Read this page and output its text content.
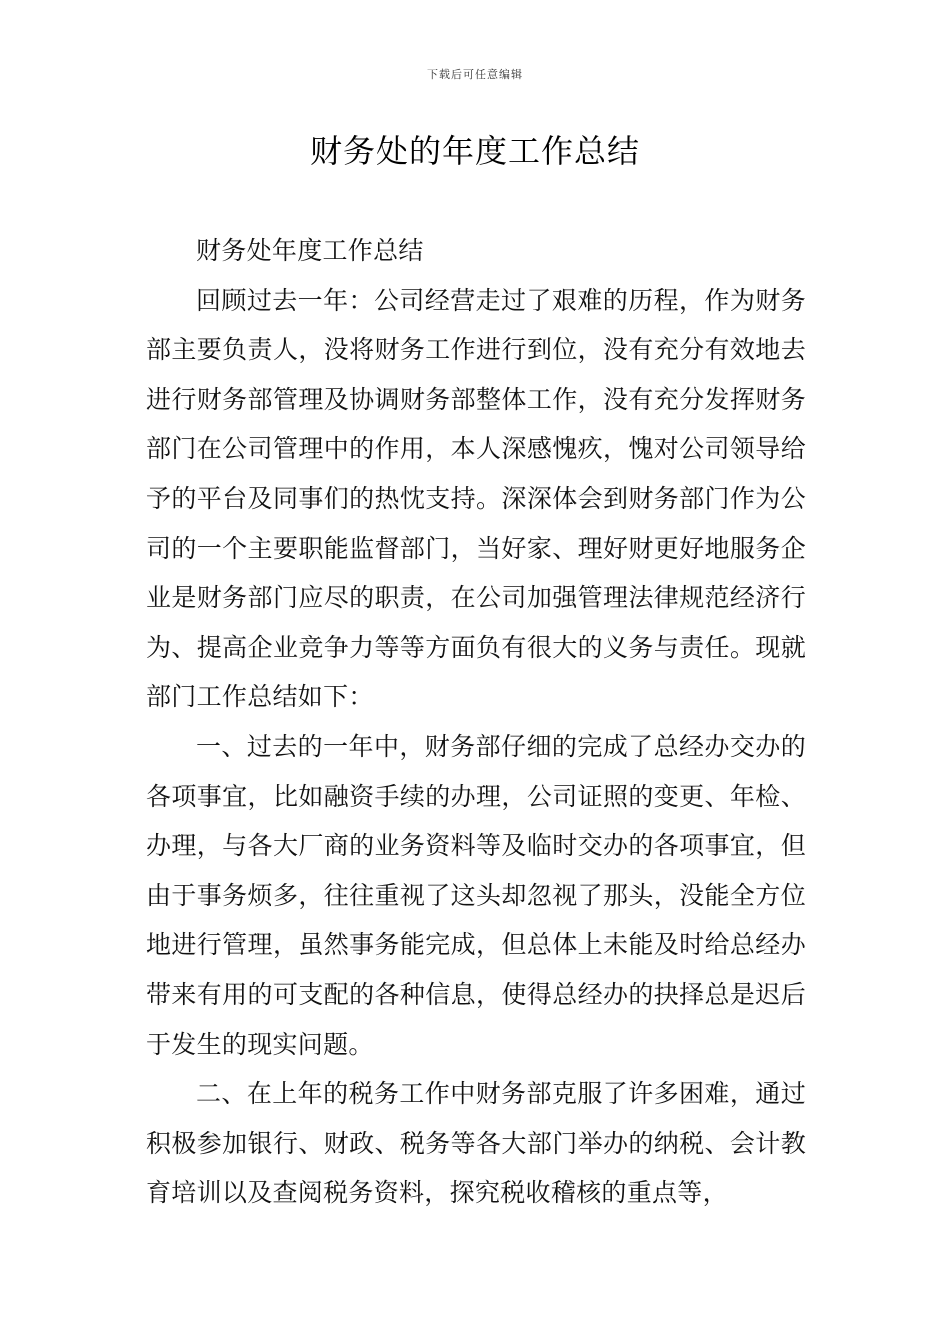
下载后可任意编辑
财务处的年度工作总结

财务处年度工作总结

回顾过去一年：公司经营走过了艰难的历程，作为财务部主要负责人，没将财务工作进行到位，没有充分有效地去进行财务部管理及协调财务部整体工作，没有充分发挥财务部门在公司管理中的作用，本人深感愧疚，愧对公司领导给予的平台及同事们的热忱支持。深深体会到财务部门作为公司的一个主要职能监督部门，当好家、理好财更好地服务企业是财务部门应尽的职责，在公司加强管理法律规范经济行为、提高企业竞争力等等方面负有很大的义务与责任。现就部门工作总结如下：

一、过去的一年中，财务部仔细的完成了总经办交办的各项事宜，比如融资手续的办理，公司证照的变更、年检、办理，与各大厂商的业务资料等及临时交办的各项事宜，但由于事务烦多，往往重视了这头却忽视了那头，没能全方位地进行管理，虽然事务能完成，但总体上未能及时给总经办带来有用的可支配的各种信息，使得总经办的抉择总是迟后于发生的现实问题。

二、在上年的税务工作中财务部克服了许多困难，通过积极参加银行、财政、税务等各大部门举办的纳税、会计教育培训以及查阅税务资料，探究税收稽核的重点等，
